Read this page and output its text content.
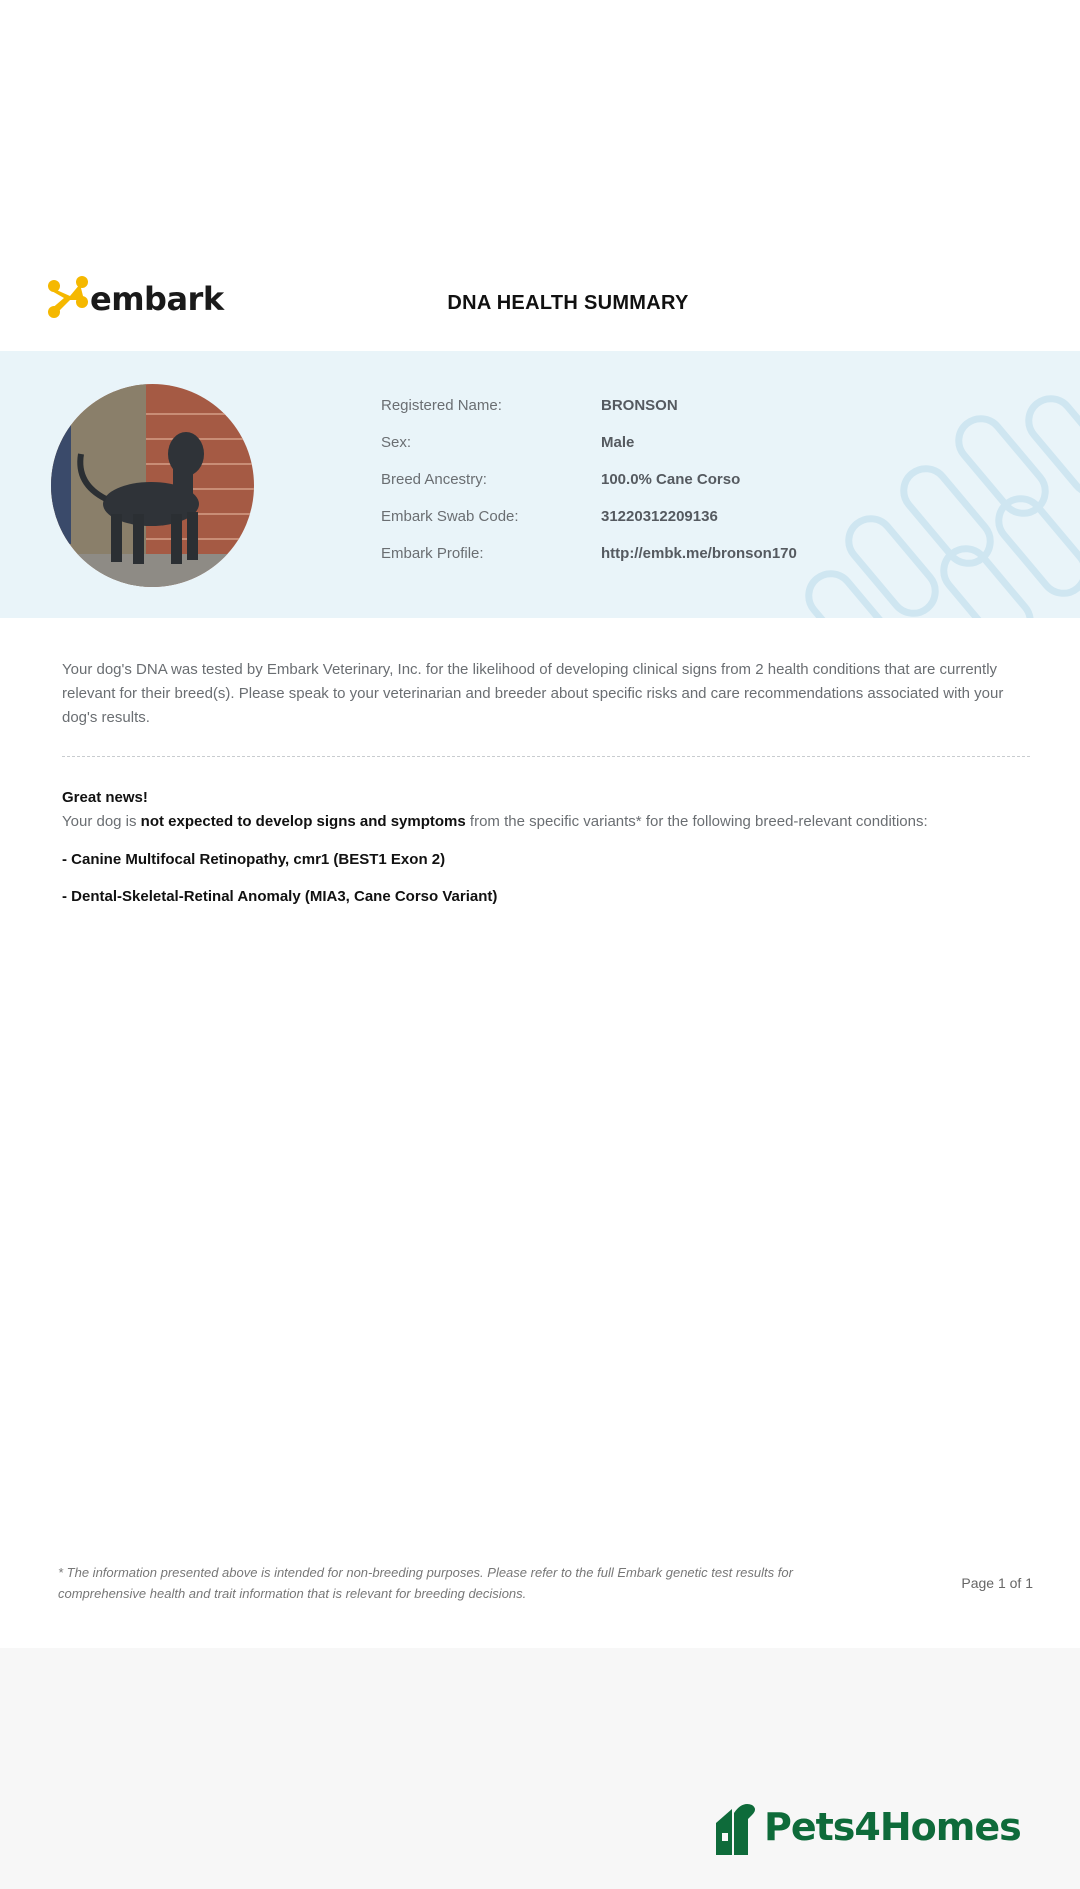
embark	DNA HEALTH SUMMARY
Registered Name:	BRONSON
Sex:	Male
Breed Ancestry:	100.0% Cane Corso
Embark Swab Code:	31220312209136
Embark Profile:	http://embk.me/bronson170
Your dog's DNA was tested by Embark Veterinary, Inc. for the likelihood of developing clinical signs from 2 health conditions that are currently relevant for their breed(s). Please speak to your veterinarian and breeder about specific risks and care recommendations associated with your dog's results.
Great news!
Your dog is not expected to develop signs and symptoms from the specific variants* for the following breed-relevant conditions:
- Canine Multifocal Retinopathy, cmr1 (BEST1 Exon 2)
- Dental-Skeletal-Retinal Anomaly (MIA3, Cane Corso Variant)
* The information presented above is intended for non-breeding purposes. Please refer to the full Embark genetic test results for comprehensive health and trait information that is relevant for breeding decisions.
Page 1 of 1
Pets4Homes
